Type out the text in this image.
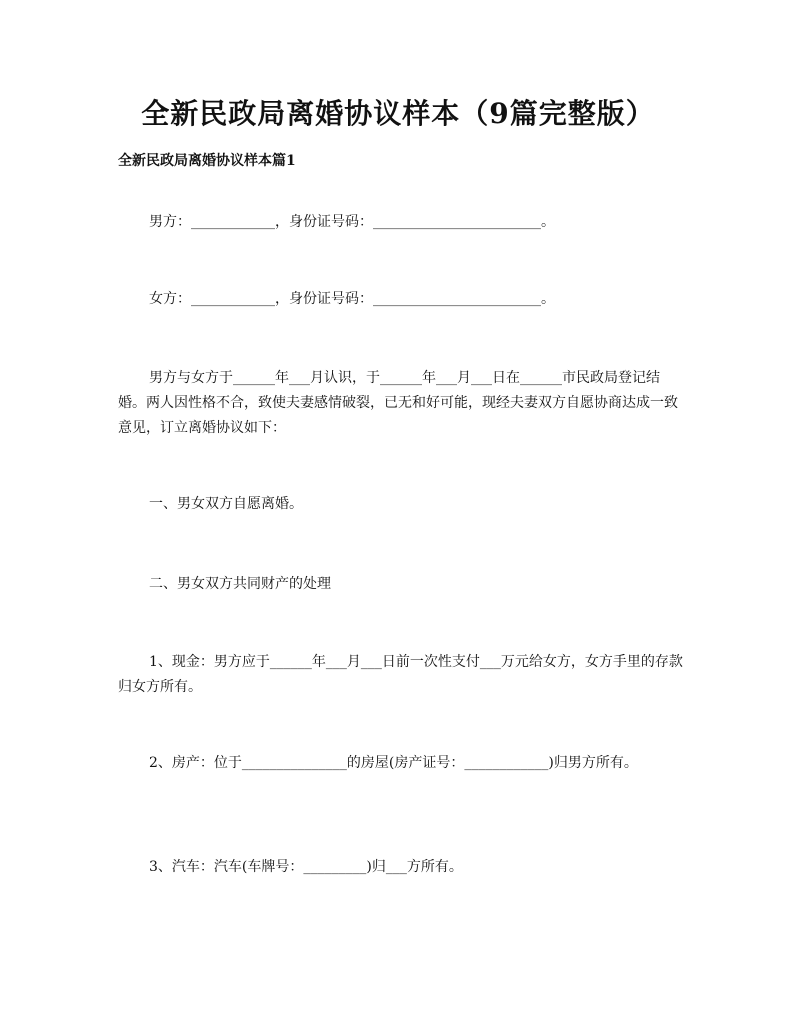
全新民政局离婚协议样本（9篇完整版）
全新民政局离婚协议样本篇1

男方：____________，身份证号码：________________________。

女方：____________，身份证号码：________________________。

男方与女方于______年___月认识，于______年___月___日在______市民政局登记结婚。两人因性格不合，致使夫妻感情破裂，已无和好可能，现经夫妻双方自愿协商达成一致意见，订立离婚协议如下：

一、男女双方自愿离婚。

二、男女双方共同财产的处理

1、现金：男方应于______年___月___日前一次性支付___万元给女方，女方手里的存款归女方所有。

2、房产：位于_______________的房屋(房产证号：____________)归男方所有。

3、汽车：汽车(车牌号：_________)归___方所有。
